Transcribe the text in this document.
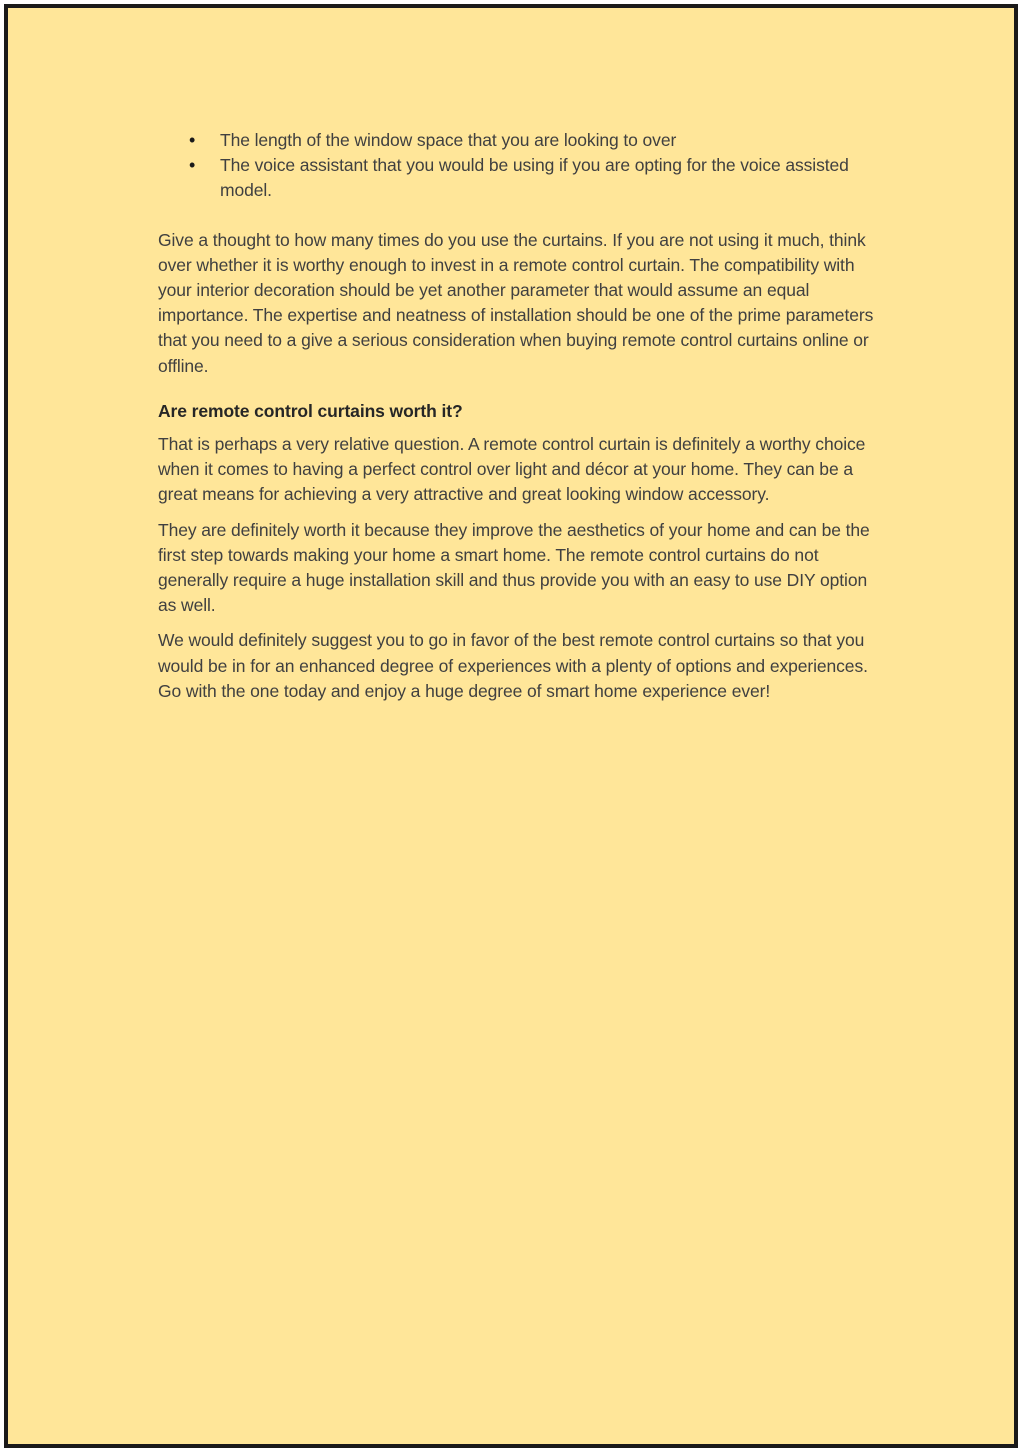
• The length of the window space that you are looking to over
• The voice assistant that you would be using if you are opting for the voice assisted model.

Give a thought to how many times do you use the curtains. If you are not using it much, think over whether it is worthy enough to invest in a remote control curtain. The compatibility with your interior decoration should be yet another parameter that would assume an equal importance. The expertise and neatness of installation should be one of the prime parameters that you need to a give a serious consideration when buying remote control curtains online or offline.

Are remote control curtains worth it?

That is perhaps a very relative question. A remote control curtain is definitely a worthy choice when it comes to having a perfect control over light and décor at your home. They can be a great means for achieving a very attractive and great looking window accessory.

They are definitely worth it because they improve the aesthetics of your home and can be the first step towards making your home a smart home. The remote control curtains do not generally require a huge installation skill and thus provide you with an easy to use DIY option as well.

We would definitely suggest you to go in favor of the best remote control curtains so that you would be in for an enhanced degree of experiences with a plenty of options and experiences. Go with the one today and enjoy a huge degree of smart home experience ever!
